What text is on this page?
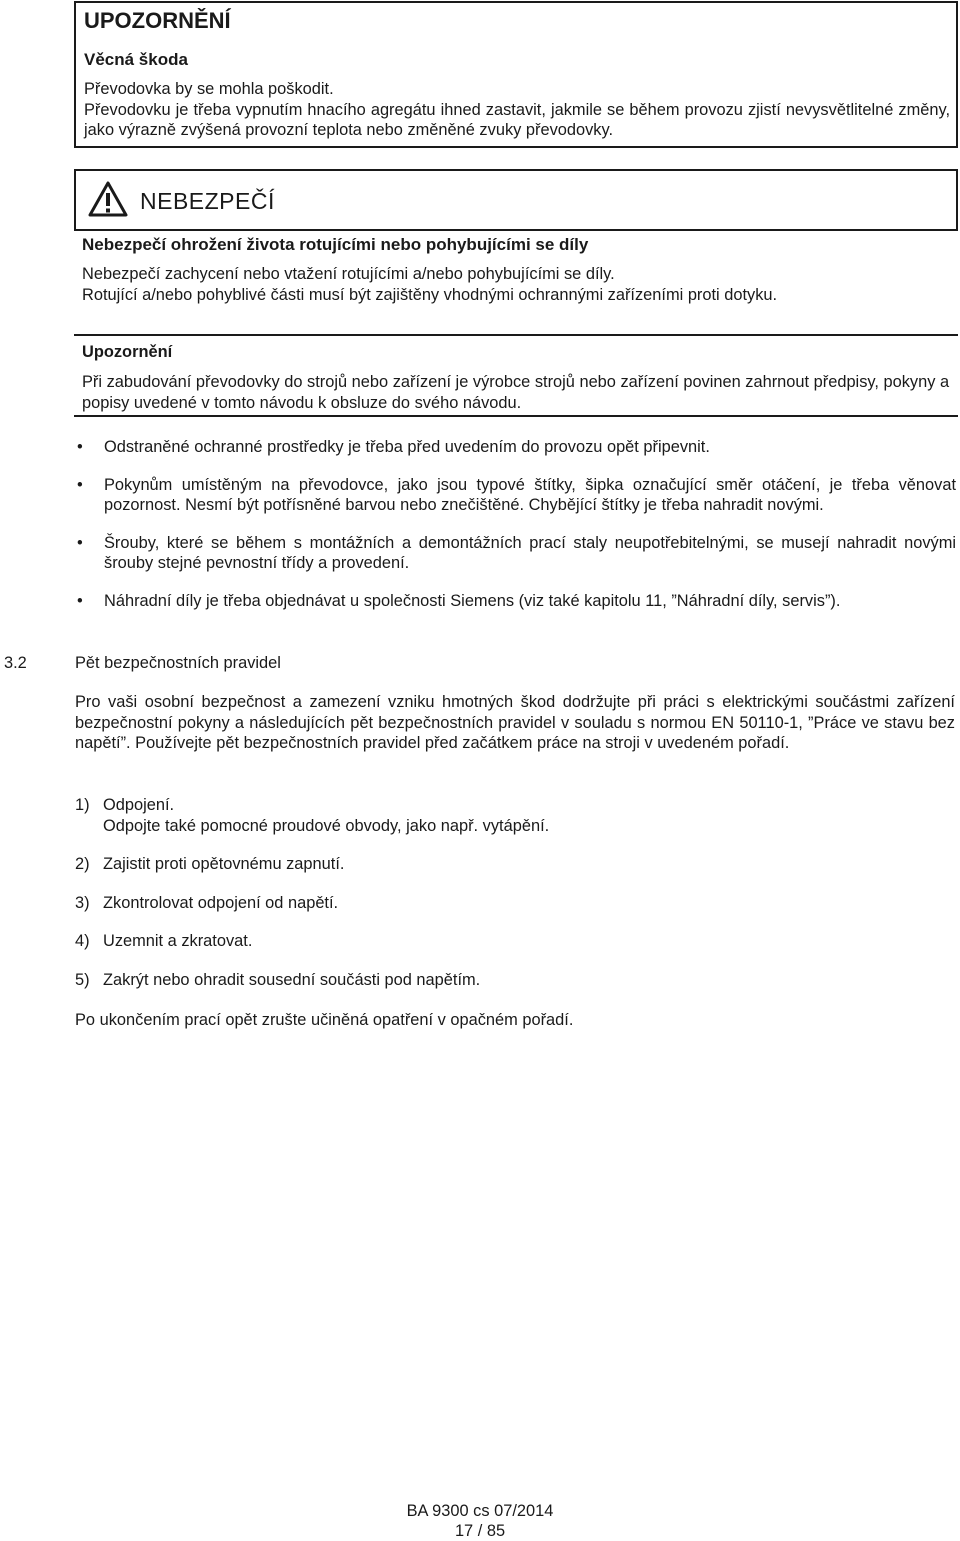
UPOZORNĚNÍ
Věcná škoda

Převodovka by se mohla poškodit.

Převodovku je třeba vypnutím hnacího agregátu ihned zastavit, jakmile se během provozu zjistí nevysvětlitelné změny, jako výrazně zvýšená provozní teplota nebo změněné zvuky převodovky.

NEBEZPEČÍ
Nebezpečí ohrožení života rotujícími nebo pohybujícími se díly

Nebezpečí zachycení nebo vtažení rotujícími a/nebo pohybujícími se díly.

Rotující a/nebo pohyblivé části musí být zajištěny vhodnými ochrannými zařízeními proti dotyku.

Upozornění

Při zabudování převodovky do strojů nebo zařízení je výrobce strojů nebo zařízení povinen zahrnout předpisy, pokyny a popisy uvedené v tomto návodu k obsluze do svého návodu.

• Odstraněné ochranné prostředky je třeba před uvedením do provozu opět připevnit.
• Pokynům umístěným na převodovce, jako jsou typové štítky, šipka označující směr otáčení, je třeba věnovat pozornost. Nesmí být potřísněné barvou nebo znečištěné. Chybějící štítky je třeba nahradit novými.
• Šrouby, které se během s montážních a demontážních prací staly neupotřebitelnými, se musejí nahradit novými šrouby stejné pevnostní třídy a provedení.
• Náhradní díly je třeba objednávat u společnosti Siemens (viz také kapitolu 11, ”Náhradní díly, servis”).
3.2	Pět bezpečnostních pravidel

Pro vaši osobní bezpečnost a zamezení vzniku hmotných škod dodržujte při práci s elektrickými součástmi zařízení bezpečnostní pokyny a následujících pět bezpečnostních pravidel v souladu s normou EN 50110-1, ”Práce ve stavu bez napětí”. Používejte pět bezpečnostních pravidel před začátkem práce na stroji v uvedeném pořadí.

1) Odpojení.
Odpojte také pomocné proudové obvody, jako např. vytápění.
2) Zajistit proti opětovnému zapnutí.
3) Zkontrolovat odpojení od napětí.
4) Uzemnit a zkratovat.
5) Zakrýt nebo ohradit sousední součásti pod napětím.

Po ukončením prací opět zrušte učiněná opatření v opačném pořadí.

BA 9300 cs 07/2014
17 / 85
